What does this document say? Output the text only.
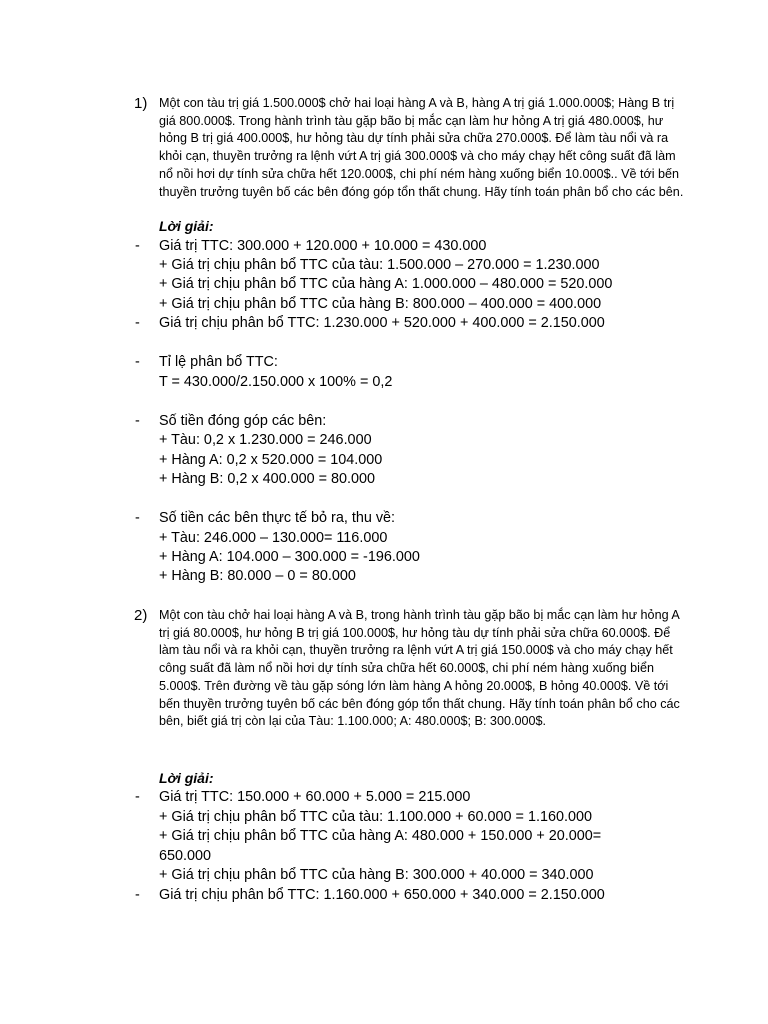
1) Một con tàu trị giá 1.500.000$ chở hai loại hàng A và B, hàng A trị giá 1.000.000$; Hàng B trị giá 800.000$. Trong hành trình tàu gặp bão bị mắc cạn làm hư hỏng A trị giá 480.000$, hư hỏng B trị giá 400.000$, hư hỏng tàu dự tính phải sửa chữa 270.000$. Để làm tàu nổi và ra khỏi cạn, thuyền trưởng ra lệnh vứt A trị giá 300.000$ và cho máy chạy hết công suất đã làm nổ nồi hơi dự tính sửa chữa hết 120.000$, chi phí ném hàng xuống biển 10.000$.. Về tới bến thuyền trưởng tuyên bố các bên đóng góp tổn thất chung. Hãy tính toán phân bổ cho các bên.
Lời giải:
- Giá trị TTC: 300.000 + 120.000 + 10.000 = 430.000
+ Giá trị chịu phân bổ TTC của tàu: 1.500.000 – 270.000 = 1.230.000
+ Giá trị chịu phân bổ TTC của hàng A: 1.000.000 – 480.000 = 520.000
+ Giá trị chịu phân bổ TTC của hàng B: 800.000 – 400.000 = 400.000
- Giá trị chịu phân bổ TTC: 1.230.000 + 520.000 + 400.000 = 2.150.000
- Tỉ lệ phân bổ TTC:
T = 430.000/2.150.000 x 100% = 0,2
- Số tiền đóng góp các bên:
+ Tàu: 0,2 x 1.230.000 = 246.000
+ Hàng A: 0,2 x 520.000 = 104.000
+ Hàng B: 0,2 x 400.000 = 80.000
- Số tiền các bên thực tế bỏ ra, thu về:
+ Tàu: 246.000 – 130.000= 116.000
+ Hàng A: 104.000 – 300.000 = -196.000
+ Hàng B: 80.000 – 0 = 80.000
2) Một con tàu chở hai loại hàng A và B, trong hành trình tàu gặp bão bị mắc cạn làm hư hỏng A trị giá 80.000$, hư hỏng B trị giá 100.000$, hư hỏng tàu dự tính phải sửa chữa 60.000$. Để làm tàu nổi và ra khỏi cạn, thuyền trưởng ra lệnh vứt A trị giá 150.000$ và cho máy chạy hết công suất đã làm nổ nồi hơi dự tính sửa chữa hết 60.000$, chi phí ném hàng xuống biển 5.000$. Trên đường về tàu gặp sóng lớn làm hàng A hỏng 20.000$, B hỏng 40.000$. Về tới bến thuyền trưởng tuyên bố các bên đóng góp tổn thất chung. Hãy tính toán phân bổ cho các bên, biết giá trị còn lại của Tàu: 1.100.000; A: 480.000$; B: 300.000$.
Lời giải:
- Giá trị TTC: 150.000 + 60.000 + 5.000 = 215.000
+ Giá trị chịu phân bổ TTC của tàu: 1.100.000 + 60.000 = 1.160.000
+ Giá trị chịu phân bổ TTC của hàng A: 480.000 + 150.000 + 20.000=
650.000
+ Giá trị chịu phân bổ TTC của hàng B: 300.000 + 40.000 = 340.000
- Giá trị chịu phân bổ TTC: 1.160.000 + 650.000 + 340.000 = 2.150.000
